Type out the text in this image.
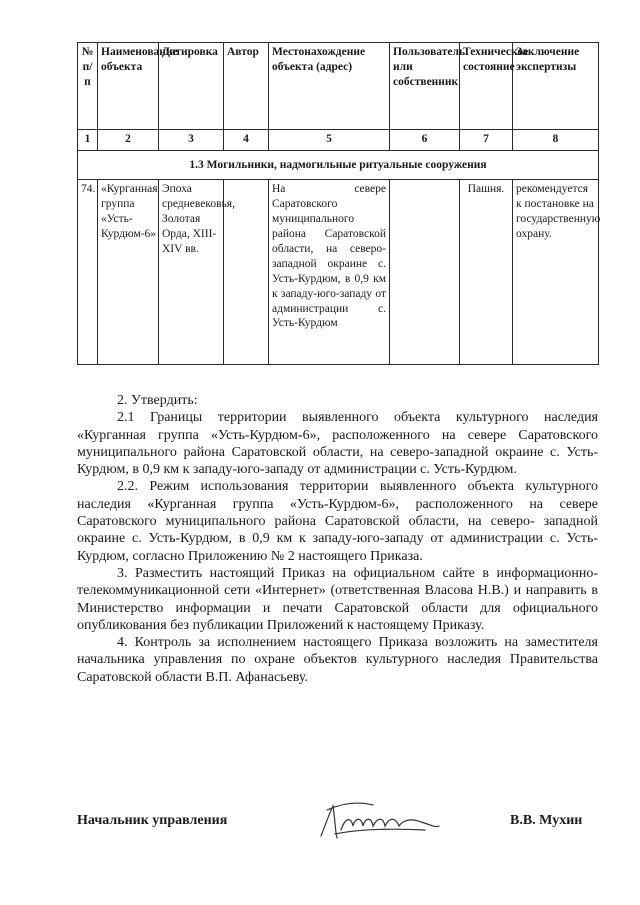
№ п/п	Наименование объекта	Датировка	Автор	Местонахождение объекта (адрес)	Пользователь или собственник	Техническое состояние	Заключение экспертизы
1	2	3	4	5	6	7	8
1.3 Могильники, надмогильные ритуальные сооружения							
74.	«Курганная группа «Усть-Курдюм-6»	Эпоха средневековья, Золотая Орда, XIII-XIV вв.		На севере Саратовского муниципального района Саратовской области, на северо-западной окраине с. Усть-Курдюм, в 0,9 км к западу-юго-западу от администрации с. Усть-Курдюм		Пашня.	рекомендуется к постановке на государственную охрану.

2. Утвердить:

2.1 Границы территории выявленного объекта культурного наследия «Курганная группа «Усть-Курдюм-6», расположенного на севере Саратовского муниципального района Саратовской области, на северо-западной окраине с. Усть-Курдюм, в 0,9 км к западу-юго-западу от администрации с. Усть-Курдюм.

2.2. Режим использования территории выявленного объекта культурного наследия «Курганная группа «Усть-Курдюм-6», расположенного на севере Саратовского муниципального района Саратовской области, на северо- западной окраине с. Усть-Курдюм, в 0,9 км к западу-юго-западу от администрации с. Усть-Курдюм, согласно Приложению № 2 настоящего Приказа.

3. Разместить настоящий Приказ на официальном сайте в информационно-телекоммуникационной сети «Интернет» (ответственная Власова Н.В.) и направить в Министерство информации и печати Саратовской области для официального опубликования без публикации Приложений к настоящему Приказу.

4. Контроль за исполнением настоящего Приказа возложить на заместителя начальника управления по охране объектов культурного наследия Правительства Саратовской области В.П. Афанасьеву.

Начальник управления	В.В. Мухин
